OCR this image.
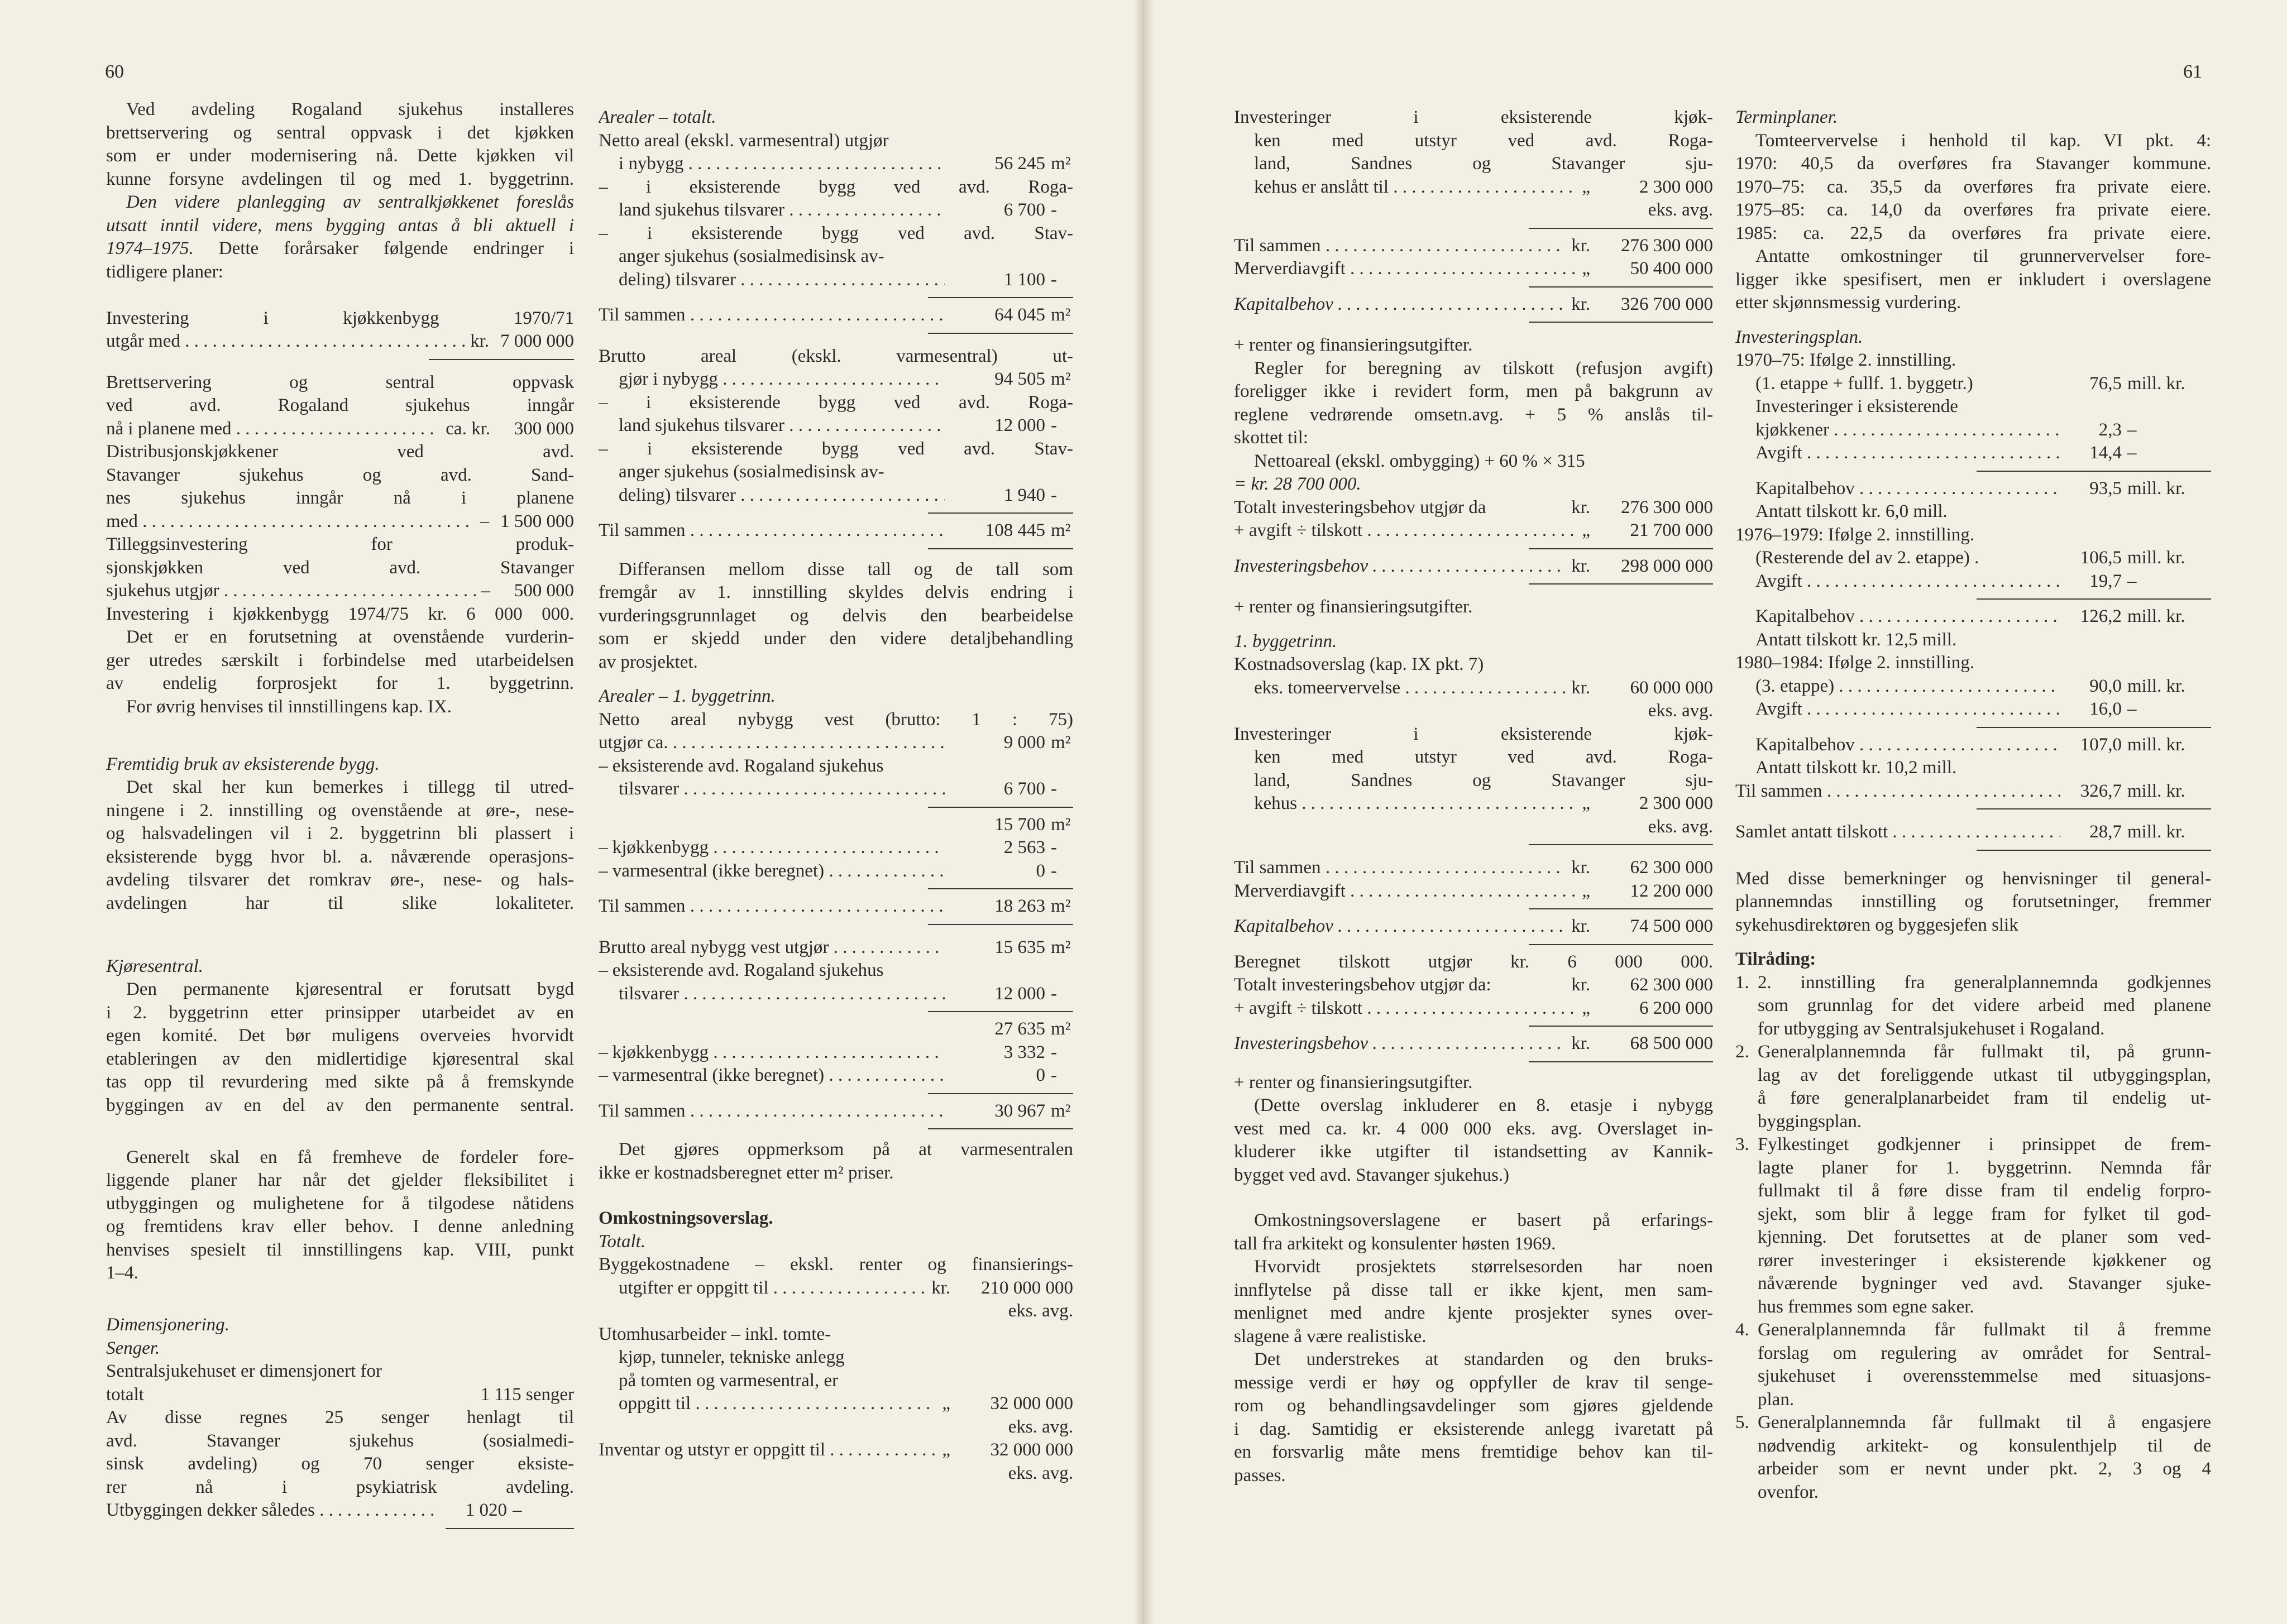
60	61
Ved avdeling Rogaland sjukehus installeres
brettservering og sentral oppvask i det kjøkken
som er under modernisering nå. Dette kjøkken vil
kunne forsyne avdelingen til og med 1. byggetrinn.
Den videre planlegging av sentralkjøkkenet foreslås
utsatt inntil videre, mens bygging antas å bli aktuell i
1974–1975. Dette forårsaker følgende endringer i
tidligere planer:
Investering i kjøkkenbygg 1970/71
utgår med . . .	kr. 7 000 000
Brettservering og sentral oppvask
ved avd. Rogaland sjukehus inngår
nå i planene med . . .	ca. kr.	300 000
Distribusjonskjøkkener ved avd.
Stavanger sjukehus og avd. Sand-
nes sjukehus inngår nå i planene
med . . .	– 1 500 000
Tilleggsinvestering for produk-
sjonskjøkken ved avd. Stavanger
sjukehus utgjør . . .	–	500 000
Investering i kjøkkenbygg 1974/75 kr. 6 000 000.
Det er en forutsetning at ovenstående vurderin-
ger utredes særskilt i forbindelse med utarbeidelsen
av endelig forprosjekt for 1. byggetrinn.
For øvrig henvises til innstillingens kap. IX.
Fremtidig bruk av eksisterende bygg.
Det skal her kun bemerkes i tillegg til utred-
ningene i 2. innstilling og ovenstående at øre-, nese-
og halsvadelingen vil i 2. byggetrinn bli plassert i
eksisterende bygg hvor bl. a. nåværende operasjons-
avdeling tilsvarer det romkrav øre-, nese- og hals-
avdelingen har til slike lokaliteter.
Kjøresentral.
Den permanente kjøresentral er forutsatt bygd
i 2. byggetrinn etter prinsipper utarbeidet av en
egen komité. Det bør muligens overveies hvorvidt
etableringen av den midlertidige kjøresentral skal
tas opp til revurdering med sikte på å fremskynde
byggingen av en del av den permanente sentral.
Generelt skal en få fremheve de fordeler fore-
liggende planer har når det gjelder fleksibilitet i
utbyggingen og mulighetene for å tilgodese nåtidens
og fremtidens krav eller behov. I denne anledning
henvises spesielt til innstillingens kap. VIII, punkt
1–4.
Dimensjonering.
Senger.
Sentralsjukehuset er dimensjonert for
totalt	1 115 senger
Av disse regnes 25 senger henlagt til
avd. Stavanger sjukehus (sosialmedi-
sinsk avdeling) og 70 senger eksiste-
rer nå i psykiatrisk avdeling.
Utbyggingen dekker således . . .	1 020 –
Arealer – totalt.
Netto areal (ekskl. varmesentral) utgjør
i nybygg . . .	56 245 m²
– i eksisterende bygg ved avd. Roga-
land sjukehus tilsvarer . . .	6 700 -
– i eksisterende bygg ved avd. Stav-
anger sjukehus (sosialmedisinsk av-
deling) tilsvarer . . .	1 100 -
Til sammen . . .	64 045 m²
Brutto areal (ekskl. varmesentral) ut-
gjør i nybygg . . .	94 505 m²
– i eksisterende bygg ved avd. Roga-
land sjukehus tilsvarer . . .	12 000 -
– i eksisterende bygg ved avd. Stav-
anger sjukehus (sosialmedisinsk av-
deling) tilsvarer . . .	1 940 -
Til sammen . . .	108 445 m²
Differansen mellom disse tall og de tall som
fremgår av 1. innstilling skyldes delvis endring i
vurderingsgrunnlaget og delvis den bearbeidelse
som er skjedd under den videre detaljbehandling
av prosjektet.
Arealer – 1. byggetrinn.
Netto areal nybygg vest (brutto: 1 : 75)
utgjør ca. . . .	9 000 m²
– eksisterende avd. Rogaland sjukehus
tilsvarer . . .	6 700 -
15 700 m²
– kjøkkenbygg . . .	2 563 -
– varmesentral (ikke beregnet) . . .	0 -
Til sammen . . .	18 263 m²
Brutto areal nybygg vest utgjør . . .	15 635 m²
– eksisterende avd. Rogaland sjukehus
tilsvarer . . .	12 000 -
27 635 m²
– kjøkkenbygg . . .	3 332 -
– varmesentral (ikke beregnet) . . .	0 -
Til sammen . . .	30 967 m²
Det gjøres oppmerksom på at varmesentralen
ikke er kostnadsberegnet etter m² priser.
Omkostningsoverslag.
Totalt.
Byggekostnadene – ekskl. renter og finansierings-
utgifter er oppgitt til . . .	kr.	210 000 000
eks. avg.
Utomhusarbeider – inkl. tomte-
kjøp, tunneler, tekniske anlegg
på tomten og varmesentral, er
oppgitt til . . .	„	32 000 000
eks. avg.
Inventar og utstyr er oppgitt til . . .	„	32 000 000
eks. avg.
Investeringer i eksisterende kjøk-
ken med utstyr ved avd. Roga-
land, Sandnes og Stavanger sju-
kehus er anslått til . . .	„	2 300 000
eks. avg.
Til sammen . . .	kr.	276 300 000
Merverdiavgift . . .	„	50 400 000
Kapitalbehov . . .	kr.	326 700 000
+ renter og finansieringsutgifter.
Regler for beregning av tilskott (refusjon avgift)
foreligger ikke i revidert form, men på bakgrunn av
reglene vedrørende omsetn.avg. + 5 % anslås til-
skottet til:
Nettoareal (ekskl. ombygging) + 60 % × 315
= kr. 28 700 000.
Totalt investeringsbehov utgjør da	kr.	276 300 000
+ avgift ÷ tilskott . . .	„	21 700 000
Investeringsbehov . . .	kr.	298 000 000
+ renter og finansieringsutgifter.
1. byggetrinn.
Kostnadsoverslag (kap. IX pkt. 7)
eks. tomeervervelse . . .	kr.	60 000 000
eks. avg.
Investeringer i eksisterende kjøk-
ken med utstyr ved avd. Roga-
land, Sandnes og Stavanger sju-
kehus . . .	„	2 300 000
eks. avg.
Til sammen . . .	kr.	62 300 000
Merverdiavgift . . .	„	12 200 000
Kapitalbehov . . .	kr.	74 500 000
Beregnet tilskott utgjør kr. 6 000 000.
Totalt investeringsbehov utgjør da:	kr.	62 300 000
+ avgift ÷ tilskott . . .	„	6 200 000
Investeringsbehov . . .	kr.	68 500 000
+ renter og finansieringsutgifter.
(Dette overslag inkluderer en 8. etasje i nybygg
vest med ca. kr. 4 000 000 eks. avg. Overslaget in-
kluderer ikke utgifter til istandsetting av Kannik-
bygget ved avd. Stavanger sjukehus.)
Omkostningsoverslagene er basert på erfarings-
tall fra arkitekt og konsulenter høsten 1969.
Hvorvidt prosjektets størrelsesorden har noen
innflytelse på disse tall er ikke kjent, men sam-
menlignet med andre kjente prosjekter synes over-
slagene å være realistiske.
Det understrekes at standarden og den bruks-
messige verdi er høy og oppfyller de krav til senge-
rom og behandlingsavdelinger som gjøres gjeldende
i dag. Samtidig er eksisterende anlegg ivaretatt på
en forsvarlig måte mens fremtidige behov kan til-
passes.
Terminplaner.
Tomteervervelse i henhold til kap. VI pkt. 4:
1970: 40,5 da overføres fra Stavanger kommune.
1970–75: ca. 35,5 da overføres fra private eiere.
1975–85: ca. 14,0 da overføres fra private eiere.
1985: ca. 22,5 da overføres fra private eiere.
Antatte omkostninger til grunnervervelser fore-
ligger ikke spesifisert, men er inkludert i overslagene
etter skjønnsmessig vurdering.
Investeringsplan.
1970–75: Ifølge 2. innstilling.
(1. etappe + fullf. 1. byggetr.)	76,5 mill. kr.
Investeringer i eksisterende
kjøkkener . . .	2,3 –
Avgift . . .	14,4 –
Kapitalbehov . . .	93,5 mill. kr.
Antatt tilskott kr. 6,0 mill.
1976–1979: Ifølge 2. innstilling.
(Resterende del av 2. etappe) .	106,5 mill. kr.
Avgift . . .	19,7 –
Kapitalbehov . . .	126,2 mill. kr.
Antatt tilskott kr. 12,5 mill.
1980–1984: Ifølge 2. innstilling.
(3. etappe) . . .	90,0 mill. kr.
Avgift . . .	16,0 –
Kapitalbehov . . .	107,0 mill. kr.
Antatt tilskott kr. 10,2 mill.
Til sammen . . .	326,7 mill. kr.
Samlet antatt tilskott . . .	28,7 mill. kr.
Med disse bemerkninger og henvisninger til general-
plannemndas innstilling og forutsetninger, fremmer
sykehusdirektøren og byggesjefen slik
Tilråding:
1. 2. innstilling fra generalplannemnda godkjennes
som grunnlag for det videre arbeid med planene
for utbygging av Sentralsjukehuset i Rogaland.
2. Generalplannemnda får fullmakt til, på grunn-
lag av det foreliggende utkast til utbyggingsplan,
å føre generalplanarbeidet fram til endelig ut-
byggingsplan.
3. Fylkestinget godkjenner i prinsippet de frem-
lagte planer for 1. byggetrinn. Nemnda får
fullmakt til å føre disse fram til endelig forpro-
sjekt, som blir å legge fram for fylket til god-
kjenning. Det forutsettes at de planer som ved-
rører investeringer i eksisterende kjøkkener og
nåværende bygninger ved avd. Stavanger sjuke-
hus fremmes som egne saker.
4. Generalplannemnda får fullmakt til å fremme
forslag om regulering av området for Sentral-
sjukehuset i overensstemmelse med situasjons-
plan.
5. Generalplannemnda får fullmakt til å engasjere
nødvendig arkitekt- og konsulenthjelp til de
arbeider som er nevnt under pkt. 2, 3 og 4
ovenfor.
